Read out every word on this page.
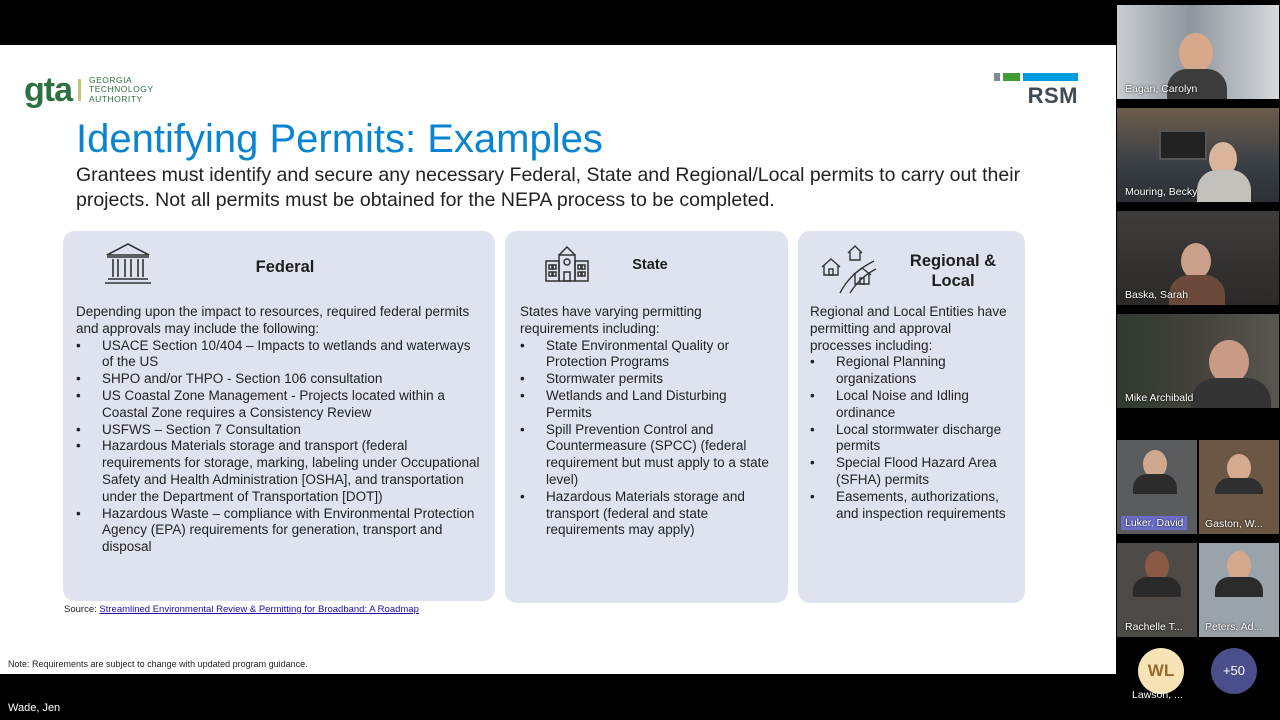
gta GEORGIA
TECHNOLOGY
AUTHORITY	RSM
Identifying Permits: Examples
Grantees must identify and secure any necessary Federal, State and Regional/Local permits to carry out their projects. Not all permits must be obtained for the NEPA process to be completed.
Federal

Depending upon the impact to resources, required federal permits and approvals may include the following:

• USACE Section 10/404 – Impacts to wetlands and waterways of the US
• SHPO and/or THPO - Section 106 consultation
• US Coastal Zone Management - Projects located within a Coastal Zone requires a Consistency Review
• USFWS – Section 7 Consultation
• Hazardous Materials storage and transport (federal requirements for storage, marking, labeling under Occupational Safety and Health Administration [OSHA], and transportation under the Department of Transportation [DOT])
• Hazardous Waste – compliance with Environmental Protection Agency (EPA) requirements for generation, transport and disposal
State

States have varying permitting requirements including:

• State Environmental Quality or Protection Programs
• Stormwater permits
• Wetlands and Land Disturbing Permits
• Spill Prevention Control and Countermeasure (SPCC) (federal requirement but must apply to a state level)
• Hazardous Materials storage and transport (federal and state requirements may apply)
Regional &
Local

Regional and Local Entities have permitting and approval processes including:

• Regional Planning organizations
• Local Noise and Idling ordinance
• Local stormwater discharge permits
• Special Flood Hazard Area (SFHA) permits
• Easements, authorizations, and inspection requirements
Source: Streamlined Environmental Review & Permitting for Broadband: A Roadmap
Note: Requirements are subject to change with updated program guidance.
Wade, Jen
Eagan, Carolyn
Mouring, Becky
Baska, Sarah
Mike Archibald
Luker, David	Gaston, W...
Rachelle T... Peters, Ad...
WL
Lawson, ...
+50
